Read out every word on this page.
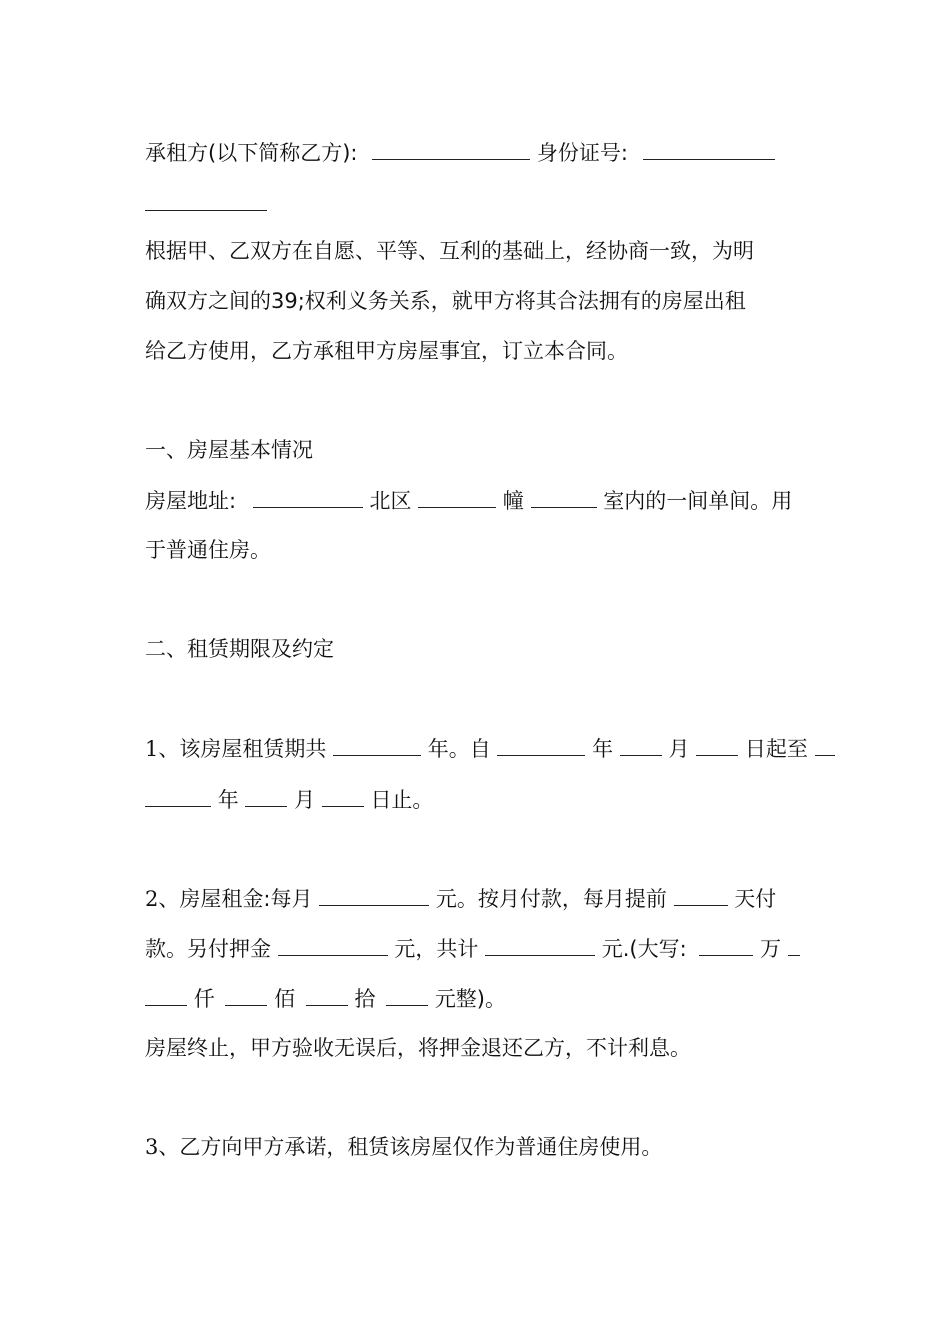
承租方(以下简称乙方):	身份证号:
根据甲、乙双方在自愿、平等、互利的基础上，经协商一致，为明
确双方之间的39;权利义务关系，就甲方将其合法拥有的房屋出租
给乙方使用，乙方承租甲方房屋事宜，订立本合同。
一、房屋基本情况
房屋地址:	北区	幢	室内的一间单间。用
于普通住房。
二、租赁期限及约定
1、该房屋租赁期共	年。自	年	月	日起至
年	月	日止。
2、房屋租金:每月	元。按月付款，每月提前	天付
款。另付押金	元，共计	元.(大写:	万
仟	佰	拾	元整)。
房屋终止，甲方验收无误后，将押金退还乙方，不计利息。
3、乙方向甲方承诺，租赁该房屋仅作为普通住房使用。
